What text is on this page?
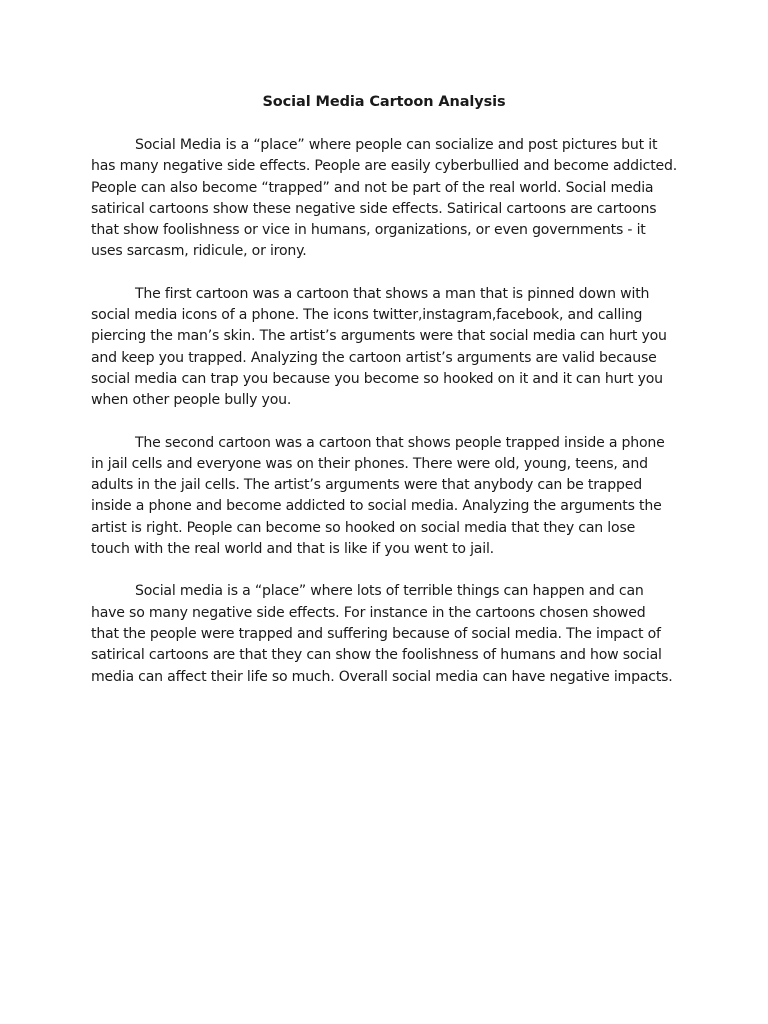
Social Media Cartoon Analysis

Social Media is a “place” where people can socialize and post pictures but it
has many negative side effects. People are easily cyberbullied and become addicted.
People can also become “trapped” and not be part of the real world. Social media
satirical cartoons show these negative side effects. Satirical cartoons are cartoons
that show foolishness or vice in humans, organizations, or even governments - it
uses sarcasm, ridicule, or irony.

The first cartoon was a cartoon that shows a man that is pinned down with
social media icons of a phone. The icons twitter,instagram,facebook, and calling
piercing the man’s skin. The artist’s arguments were that social media can hurt you
and keep you trapped. Analyzing the cartoon artist’s arguments are valid because
social media can trap you because you become so hooked on it and it can hurt you
when other people bully you.

The second cartoon was a cartoon that shows people trapped inside a phone
in jail cells and everyone was on their phones. There were old, young, teens, and
adults in the jail cells. The artist’s arguments were that anybody can be trapped
inside a phone and become addicted to social media. Analyzing the arguments the
artist is right. People can become so hooked on social media that they can lose
touch with the real world and that is like if you went to jail.

Social media is a “place” where lots of terrible things can happen and can
have so many negative side effects. For instance in the cartoons chosen showed
that the people were trapped and suffering because of social media. The impact of
satirical cartoons are that they can show the foolishness of humans and how social
media can affect their life so much. Overall social media can have negative impacts.
